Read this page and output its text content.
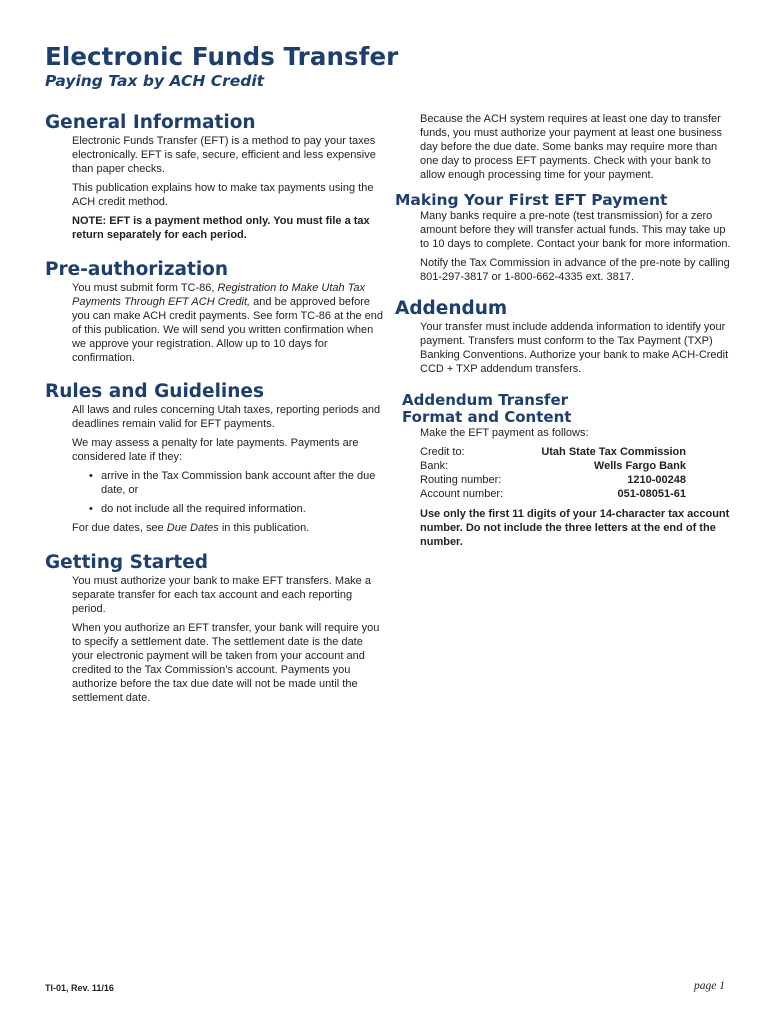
Electronic Funds Transfer
Paying Tax by ACH Credit
General Information

Electronic Funds Transfer (EFT) is a method to pay your taxes electronically. EFT is safe, secure, efficient and less expensive than paper checks.

This publication explains how to make tax payments using the ACH credit method.

NOTE: EFT is a payment method only. You must file a tax return separately for each period.

Pre-authorization

You must submit form TC-86, Registration to Make Utah Tax Payments Through EFT ACH Credit, and be approved before you can make ACH credit payments. See form TC-86 at the end of this publication. We will send you written confirmation when we approve your registration. Allow up to 10 days for confirmation.

Rules and Guidelines

All laws and rules concerning Utah taxes, reporting periods and deadlines remain valid for EFT payments.

We may assess a penalty for late payments. Payments are considered late if they:

• arrive in the Tax Commission bank account after the due date, or
• do not include all the required information.

For due dates, see Due Dates in this publication.

Getting Started

You must authorize your bank to make EFT transfers. Make a separate transfer for each tax account and each reporting period.

When you authorize an EFT transfer, your bank will require you to specify a settlement date. The settlement date is the date your electronic payment will be taken from your account and credited to the Tax Commission’s account. Payments you authorize before the tax due date will not be made until the settlement date.

Because the ACH system requires at least one day to transfer funds, you must authorize your payment at least one business day before the due date. Some banks may require more than one day to process EFT payments. Check with your bank to allow enough processing time for your payment.

Making Your First EFT Payment

Many banks require a pre-note (test transmission) for a zero amount before they will transfer actual funds. This may take up to 10 days to complete. Contact your bank for more information.

Notify the Tax Commission in advance of the pre-note by calling 801-297-3817 or 1-800-662-4335 ext. 3817.

Addendum

Your transfer must include addenda information to identify your payment. Transfers must conform to the Tax Payment (TXP) Banking Conventions. Authorize your bank to make ACH-Credit CCD + TXP addendum transfers.

Addendum Transfer
Format and Content

Make the EFT payment as follows:

Credit to:	Utah State Tax Commission
Bank:	Wells Fargo Bank
Routing number:	1210-00248
Account number:	051-08051-61

Use only the first 11 digits of your 14-character tax account number. Do not include the three letters at the end of the number.

TI-01, Rev. 11/16	page 1
